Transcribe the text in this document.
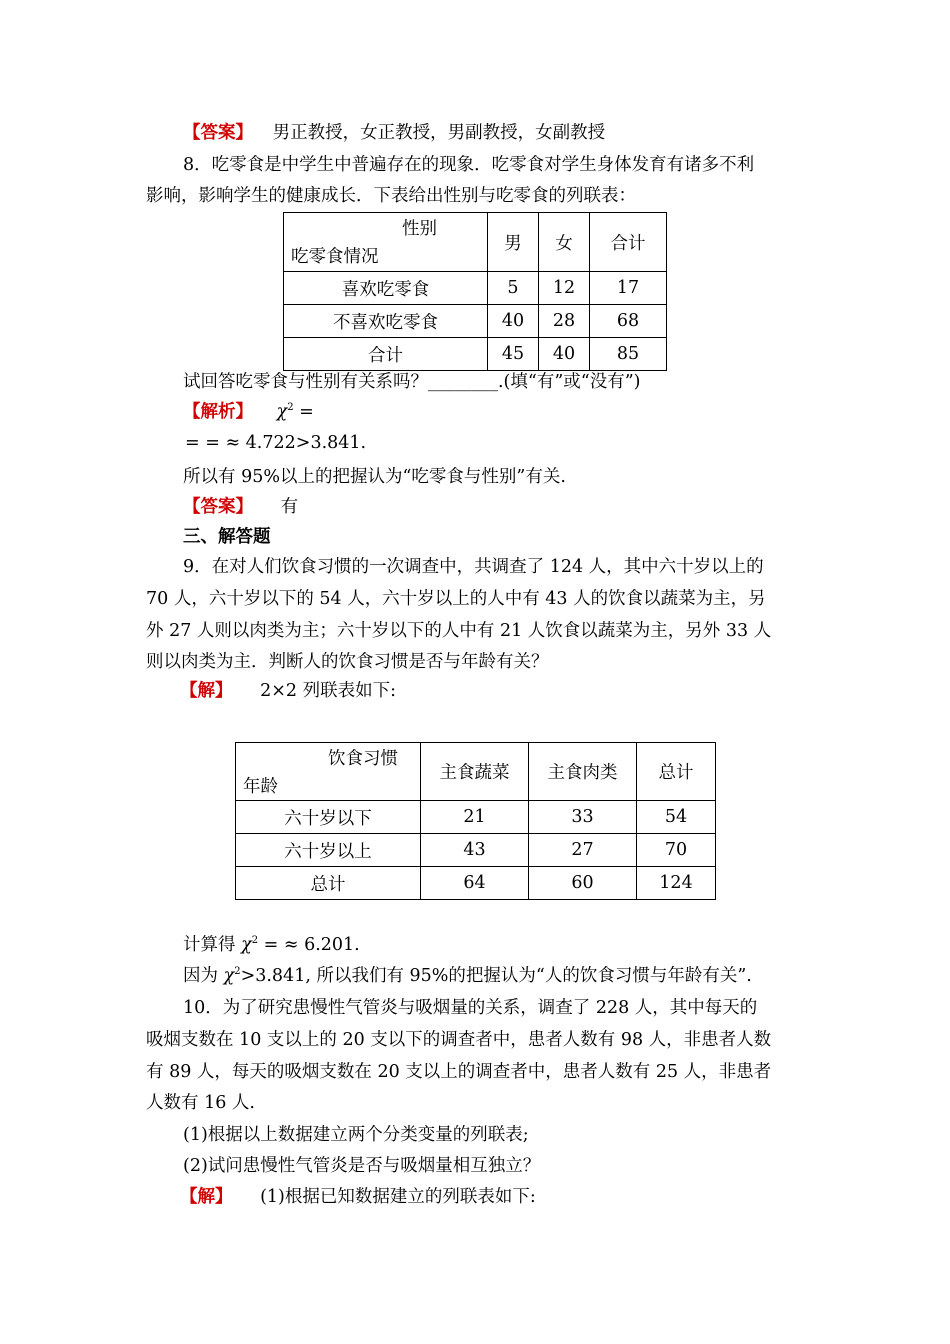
【答案】 男正教授，女正教授，男副教授，女副教授
8．吃零食是中学生中普遍存在的现象．吃零食对学生身体发育有诸多不利
影响，影响学生的健康成长．下表给出性别与吃零食的列联表：
性别
吃零食情况	男	女	合计
喜欢吃零食	5	12	17
不喜欢吃零食	40	28	68
合计	45	40	85
试回答吃零食与性别有关系吗？________.(填“有”或“没有”)
【解析】 $\chi^2$ =
= = ≈ 4.722>3.841.
所以有 95%以上的把握认为“吃零食与性别”有关.
【答案】 有
三、解答题
9．在对人们饮食习惯的一次调查中，共调查了 124 人，其中六十岁以上的
70 人，六十岁以下的 54 人，六十岁以上的人中有 43 人的饮食以蔬菜为主，另
外 27 人则以肉类为主；六十岁以下的人中有 21 人饮食以蔬菜为主，另外 33 人
则以肉类为主．判断人的饮食习惯是否与年龄有关？
【解】 2×2 列联表如下:
饮食习惯
年龄	主食蔬菜	主食肉类	总计
六十岁以下	21	33	54
六十岁以上	43	27	70
总计	64	60	124
计算得 $\chi^2$ = ≈ 6.201.
因为 $\chi^2>3.841$, 所以我们有 95%的把握认为“人的饮食习惯与年龄有关”.
10．为了研究患慢性气管炎与吸烟量的关系，调查了 228 人，其中每天的
吸烟支数在 10 支以上的 20 支以下的调查者中，患者人数有 98 人，非患者人数
有 89 人，每天的吸烟支数在 20 支以上的调查者中，患者人数有 25 人，非患者
人数有 16 人.
(1)根据以上数据建立两个分类变量的列联表;
(2)试问患慢性气管炎是否与吸烟量相互独立？
【解】 (1)根据已知数据建立的列联表如下:
